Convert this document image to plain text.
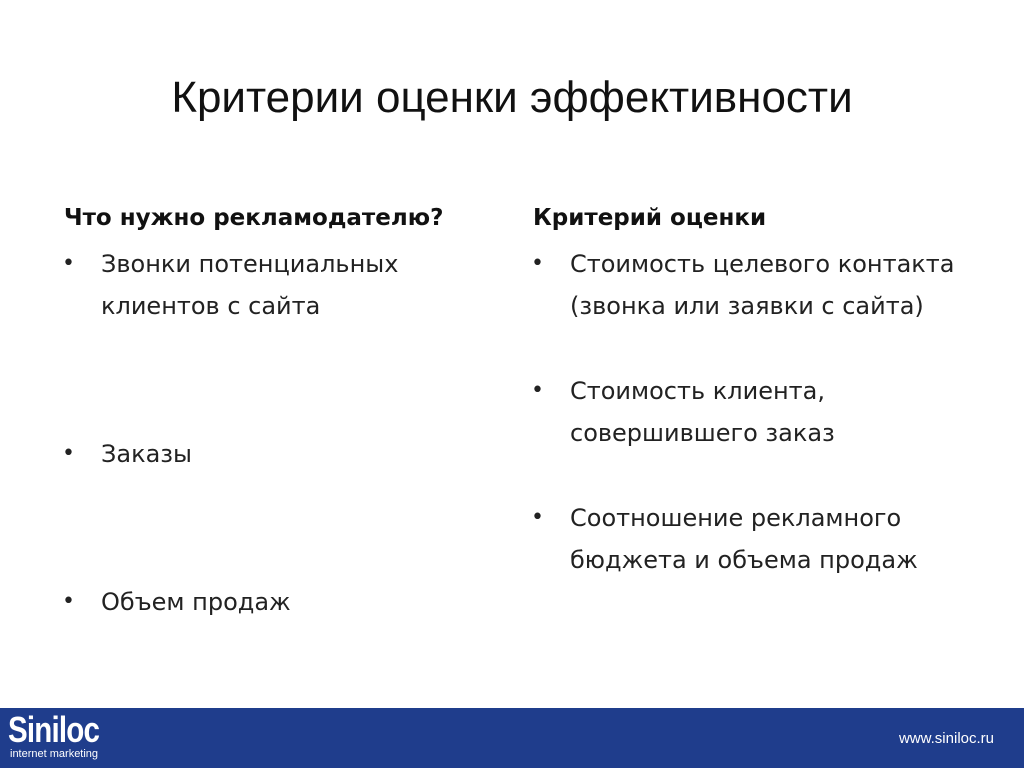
Критерии оценки эффективности
Что нужно рекламодателю?
• Звонки потенциальных клиентов с сайта
• Заказы
• Объем продаж
Критерий оценки
• Стоимость целевого контакта (звонка или заявки с сайта)
• Стоимость клиента, совершившего заказ
• Соотношение рекламного бюджета и объема продаж
Siniloc
internet marketing
www.siniloc.ru
